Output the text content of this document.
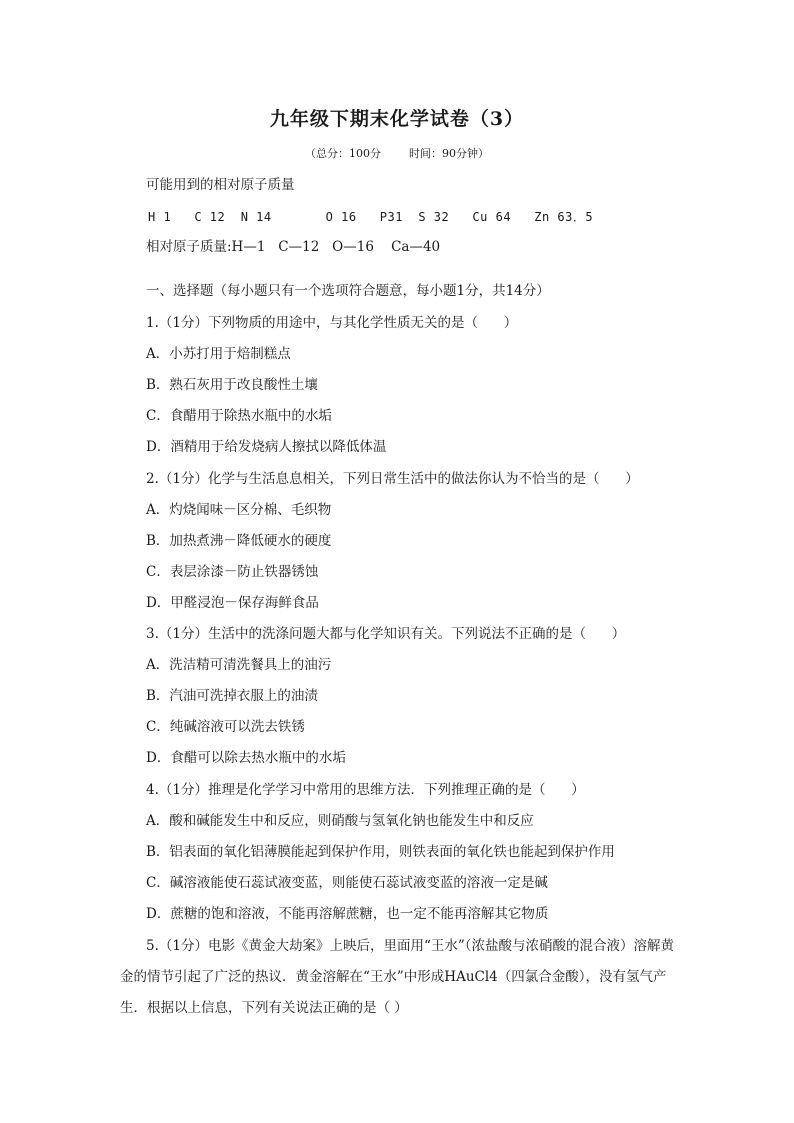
九年级下期末化学试卷（3）
（总分：100分        时间：90分钟）
可能用到的相对原子质量
H 1   C 12  N 14       O 16   P31  S 32   Cu 64   Zn 63．5
相对原子质量:H—1   C—12   O—16    Ca—40
一、选择题（每小题只有一个选项符合题意，每小题1分，共14分）
1.（1分）下列物质的用途中，与其化学性质无关的是（      ）
A．小苏打用于焙制糕点
B．熟石灰用于改良酸性土壤
C．食醋用于除热水瓶中的水垢
D．酒精用于给发烧病人擦拭以降低体温
2.（1分）化学与生活息息相关，下列日常生活中的做法你认为不恰当的是（      ）
A．灼烧闻味－区分棉、毛织物
B．加热煮沸－降低硬水的硬度
C．表层涂漆－防止铁器锈蚀
D．甲醛浸泡－保存海鲜食品
3.（1分）生活中的洗涤问题大都与化学知识有关。下列说法不正确的是（      ）
A．洗洁精可清洗餐具上的油污
B．汽油可洗掉衣服上的油渍
C．纯碱溶液可以洗去铁锈
D．食醋可以除去热水瓶中的水垢
4.（1分）推理是化学学习中常用的思维方法．下列推理正确的是（      ）
A．酸和碱能发生中和反应，则硝酸与氢氧化钠也能发生中和反应
B．铝表面的氧化铝薄膜能起到保护作用，则铁表面的氧化铁也能起到保护作用
C．碱溶液能使石蕊试液变蓝，则能使石蕊试液变蓝的溶液一定是碱
D．蔗糖的饱和溶液，不能再溶解蔗糖，也一定不能再溶解其它物质
5.（1分）电影《黄金大劫案》上映后，里面用“王水”（浓盐酸与浓硝酸的混合液）溶解黄金的情节引起了广泛的热议．黄金溶解在“王水”中形成HAuCl4（四氯合金酸），没有氢气产生．根据以上信息，下列有关说法正确的是（ ）
